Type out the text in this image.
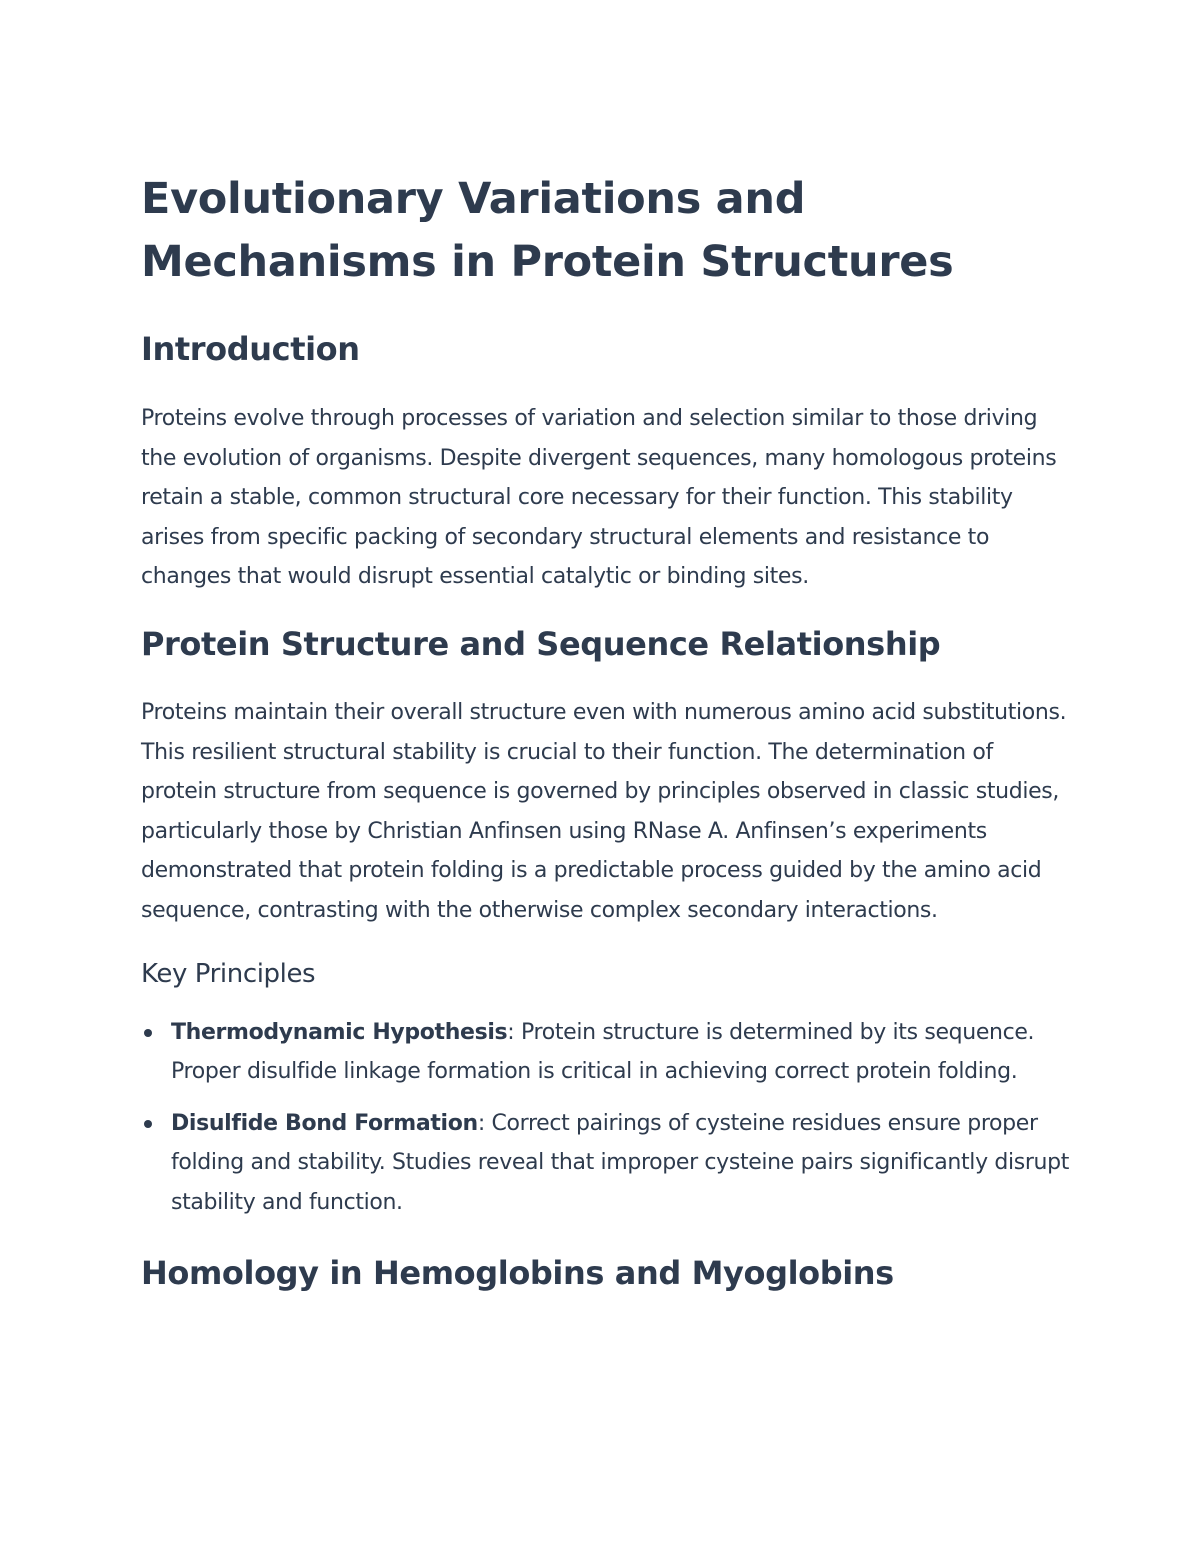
Evolutionary Variations and Mechanisms in Protein Structures
Introduction

Proteins evolve through processes of variation and selection similar to those driving the evolution of organisms. Despite divergent sequences, many homologous proteins retain a stable, common structural core necessary for their function. This stability arises from specific packing of secondary structural elements and resistance to changes that would disrupt essential catalytic or binding sites.

Protein Structure and Sequence Relationship

Proteins maintain their overall structure even with numerous amino acid substitutions. This resilient structural stability is crucial to their function. The determination of protein structure from sequence is governed by principles observed in classic studies, particularly those by Christian Anfinsen using RNase A. Anfinsen’s experiments demonstrated that protein folding is a predictable process guided by the amino acid sequence, contrasting with the otherwise complex secondary interactions.

Key Principles
Thermodynamic Hypothesis: Protein structure is determined by its sequence. Proper disulfide linkage formation is critical in achieving correct protein folding.
Disulfide Bond Formation: Correct pairings of cysteine residues ensure proper folding and stability. Studies reveal that improper cysteine pairs significantly disrupt stability and function.
Homology in Hemoglobins and Myoglobins
